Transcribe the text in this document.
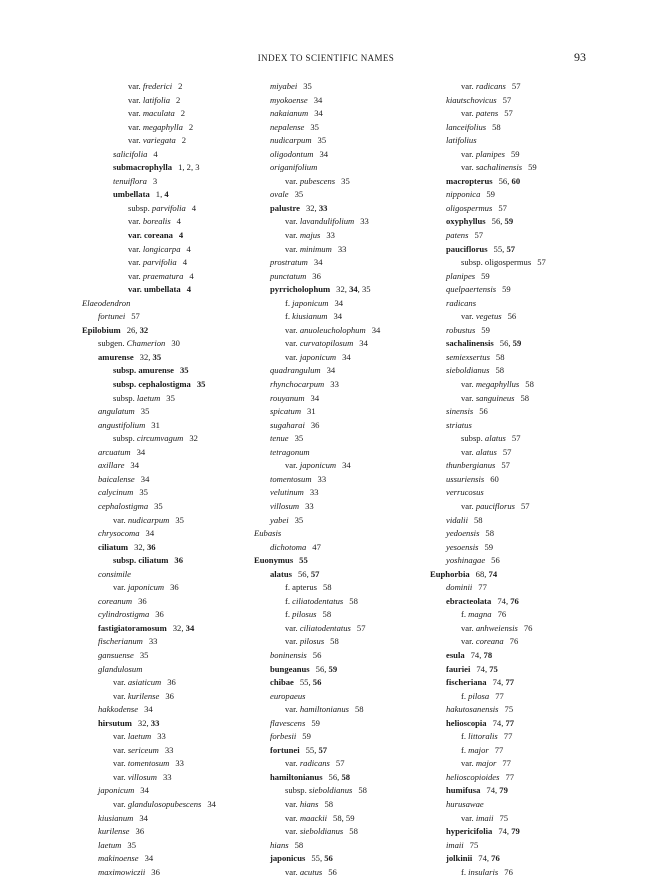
INDEX TO SCIENTIFIC NAMES	93
var. frederici 2
var. latifolia 2
var. maculata 2
var. megaphylla 2
var. variegata 2
salicifolia 4
submacrophylla 1, 2, 3
tenuiflora 3
umbellata 1, 4
subsp. parvifolia 4
var. borealis 4
var. coreana 4
var. longicarpa 4
var. parvifolia 4
var. praematura 4
var. umbellata 4
Elaeodendron
fortunei 57
Epilobium 26, 32
subgen. Chamerion 30
amurense 32, 35
subsp. amurense 35
subsp. cephalostigma 35
subsp. laetum 35
angulatum 35
angustifolium 31
subsp. circumvagum 32
arcuatum 34
axillare 34
baicalense 34
calycinum 35
cephalostigma 35
var. nudicarpum 35
chrysocoma 34
ciliatum 32, 36
subsp. ciliatum 36
consimile
var. japonicum 36
coreanum 36
cylindrostigma 36
fastigiatoramosum 32, 34
fischerianum 33
gansuense 35
glandulosum
var. asiaticum 36
var. kurilense 36
hakkodense 34
hirsutum 32, 33
var. laetum 33
var. sericeum 33
var. tomentosum 33
var. villosum 33
japonicum 34
var. glandulosopubescens 34
kiusianum 34
kurilense 36
laetum 35
makinoense 34
maximowiczii 36
miyabei 35
myokoense 34
nakaianum 34
nepalense 35
nudicarpum 35
oligodontum 34
origanifolium
var. pubescens 35
ovale 35
palustre 32, 33
var. lavandulifolium 33
var. majus 33
var. minimum 33
prostratum 34
punctatum 36
pyrricholophum 32, 34, 35
f. japonicum 34
f. kiusianum 34
var. anuoleucholophum 34
var. curvatopilosum 34
var. japonicum 34
quadrangulum 34
rhynchocarpum 33
rouyanum 34
spicatum 31
sugaharai 36
tenue 35
tetragonum
var. japonicum 34
tomentosum 33
velutinum 33
villosum 33
yabei 35
Eubasis
dichotoma 47
Euonymus 55
alatus 56, 57
f. apterus 58
f. ciliatodentatus 58
f. pilosus 58
var. ciliatodentatus 57
var. pilosus 58
boninensis 56
bungeanus 56, 59
chibae 55, 56
europaeus
var. hamiltonianus 58
flavescens 59
forbesii 59
fortunei 55, 57
var. radicans 57
hamiltonianus 56, 58
subsp. sieboldianus 58
var. hians 58
var. maackii 58, 59
var. sieboldianus 58
hians 58
japonicus 55, 56
var. acutus 56
var. radicans 57
kiautschovicus 57
var. patens 57
lanceifolius 58
latifolius
var. planipes 59
var. sachalinensis 59
macropterus 56, 60
nipponica 59
oligospermus 57
oxyphyllus 56, 59
patens 57
pauciflorus 55, 57
subsp. oligospermus 57
planipes 59
quelpaertensis 59
radicans
var. vegetus 56
robustus 59
sachalinensis 56, 59
semiexsertus 58
sieboldianus 58
var. megaphyllus 58
var. sanguineus 58
sinensis 56
striatus
subsp. alatus 57
var. alatus 57
thunbergianus 57
ussuriensis 60
verrucosus
var. pauciflorus 57
vidalii 58
yedoensis 58
yesoensis 59
yoshinagae 56
Euphorbia 68, 74
dominii 77
ebracteolata 74, 76
f. magna 76
var. anhweiensis 76
var. coreana 76
esula 74, 78
fauriei 74, 75
fischeriana 74, 77
f. pilosa 77
hakutosanensis 75
helioscopia 74, 77
f. littoralis 77
f. major 77
var. major 77
helioscopioides 77
humifusa 74, 79
hurusawae
var. imaii 75
hypericifolia 74, 79
imaii 75
jolkinii 74, 76
f. insularis 76
